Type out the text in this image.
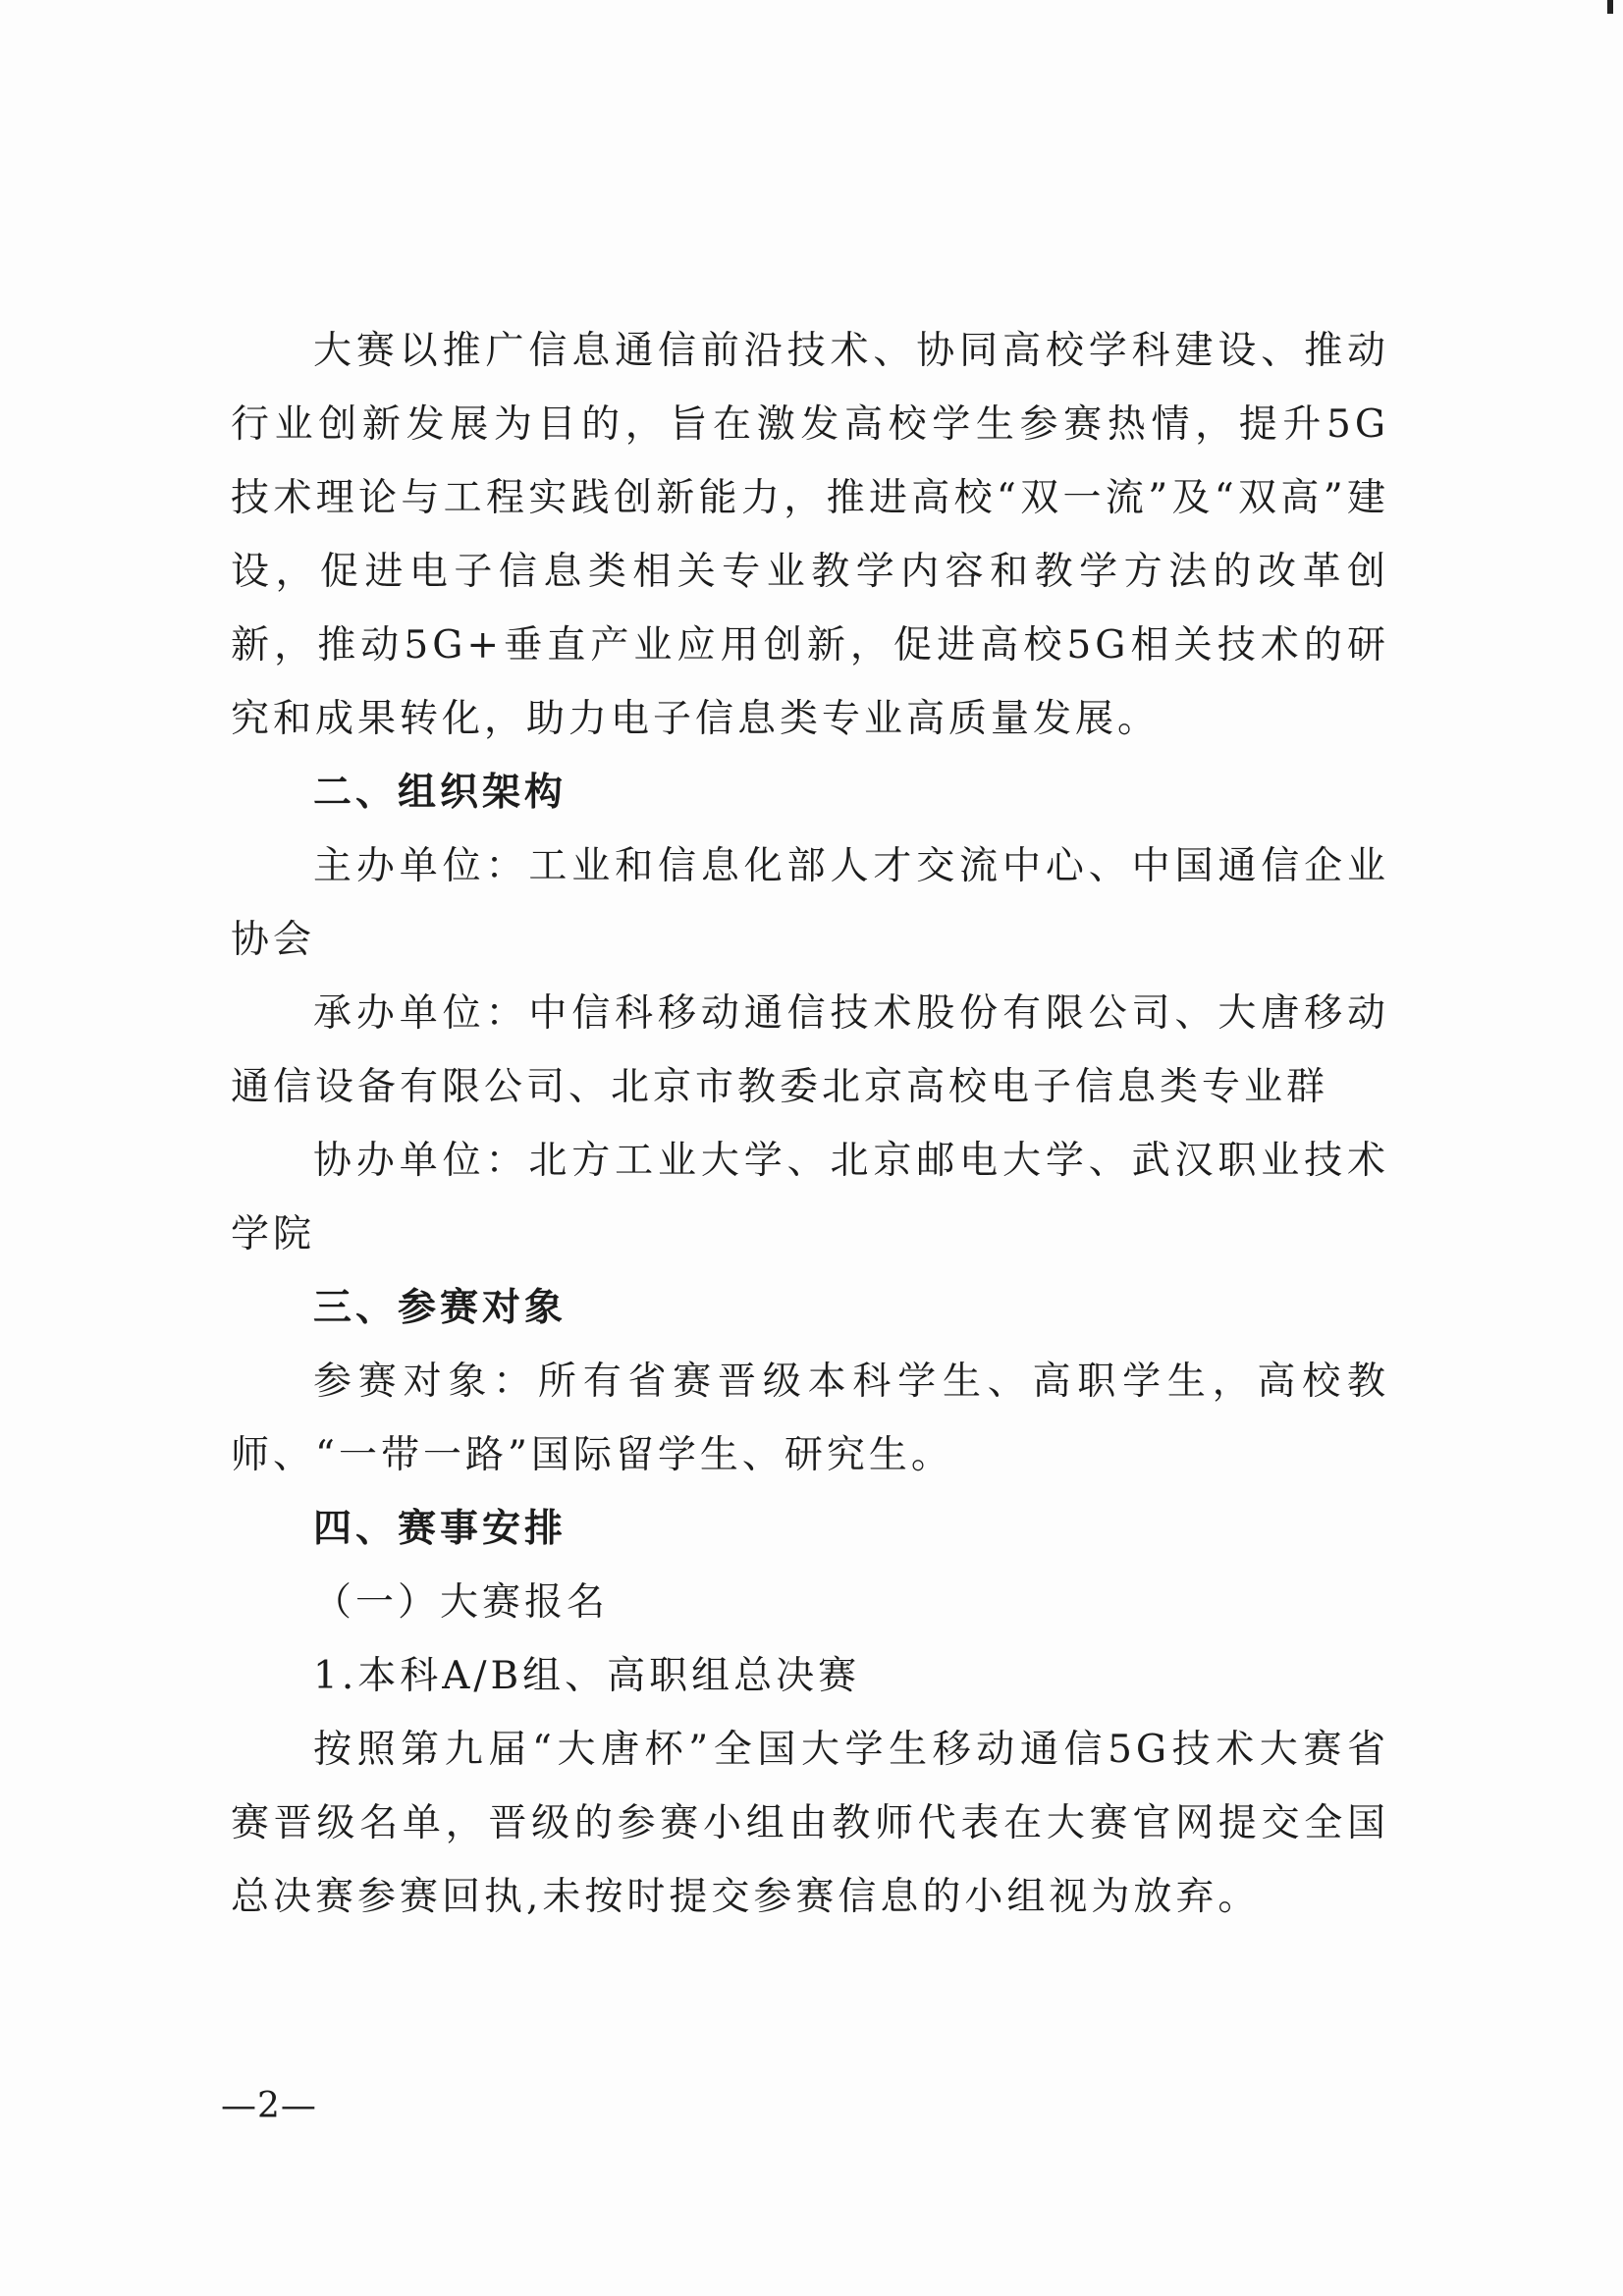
大赛以推广信息通信前沿技术、协同高校学科建设、推动行业创新发展为目的，旨在激发高校学生参赛热情，提升5G技术理论与工程实践创新能力，推进高校“双一流”及“双高”建设，促进电子信息类相关专业教学内容和教学方法的改革创新，推动5G+垂直产业应用创新，促进高校5G相关技术的研究和成果转化，助力电子信息类专业高质量发展。

二、组织架构

主办单位：工业和信息化部人才交流中心、中国通信企业协会

承办单位：中信科移动通信技术股份有限公司、大唐移动通信设备有限公司、北京市教委北京高校电子信息类专业群

协办单位：北方工业大学、北京邮电大学、武汉职业技术学院

三、参赛对象

参赛对象：所有省赛晋级本科学生、高职学生，高校教师、“一带一路”国际留学生、研究生。

四、赛事安排

（一）大赛报名

1.本科A/B组、高职组总决赛

按照第九届“大唐杯”全国大学生移动通信5G技术大赛省赛晋级名单，晋级的参赛小组由教师代表在大赛官网提交全国总决赛参赛回执,未按时提交参赛信息的小组视为放弃。

—2—
